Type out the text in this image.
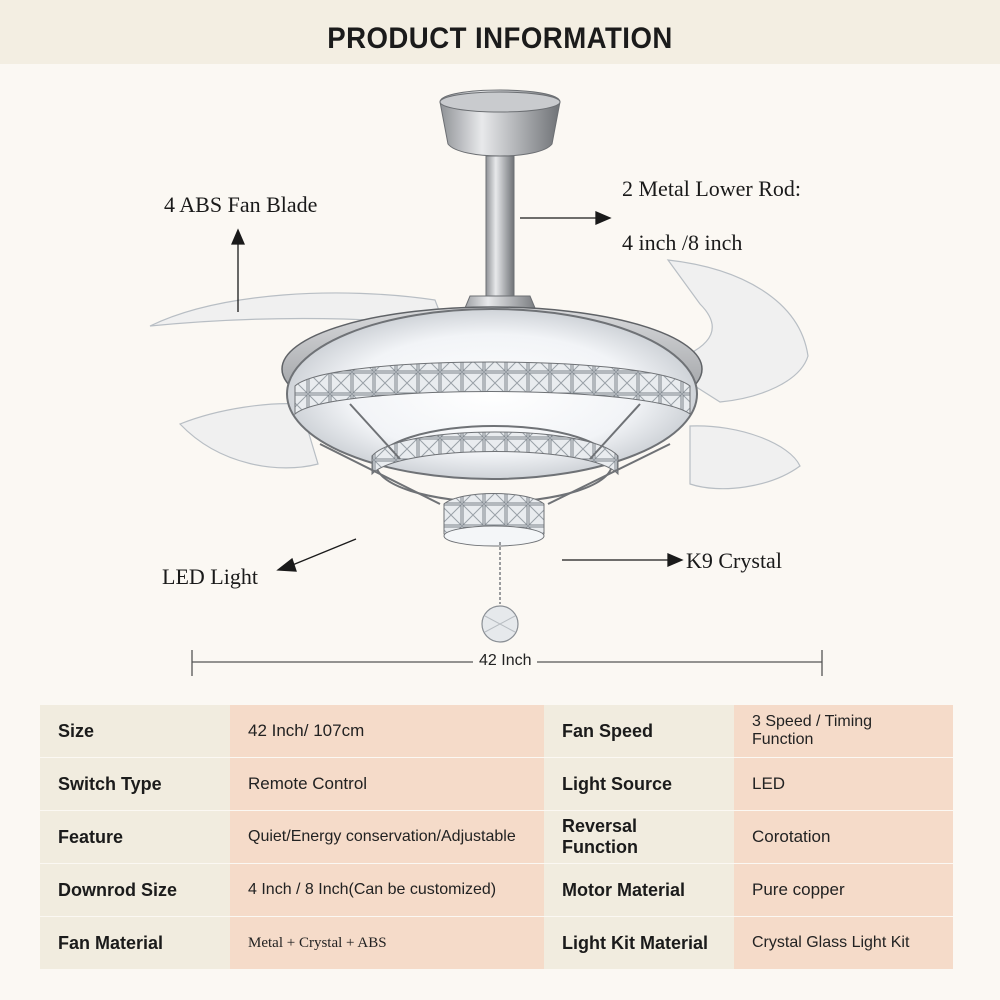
PRODUCT INFORMATION
4 ABS Fan Blade
2 Metal Lower Rod:
4 inch /8 inch
LED Light
K9 Crystal
42 Inch
Size	42 Inch/ 107cm	Fan Speed	3 Speed / Timing Function
Switch Type	Remote Control	Light Source	LED
Feature	Quiet/Energy conservation/Adjustable	Reversal Function	Corotation
Downrod Size	4 Inch / 8 Inch(Can be customized)	Motor Material	Pure copper
Fan Material	Metal + Crystal + ABS	Light Kit Material	Crystal Glass Light Kit
